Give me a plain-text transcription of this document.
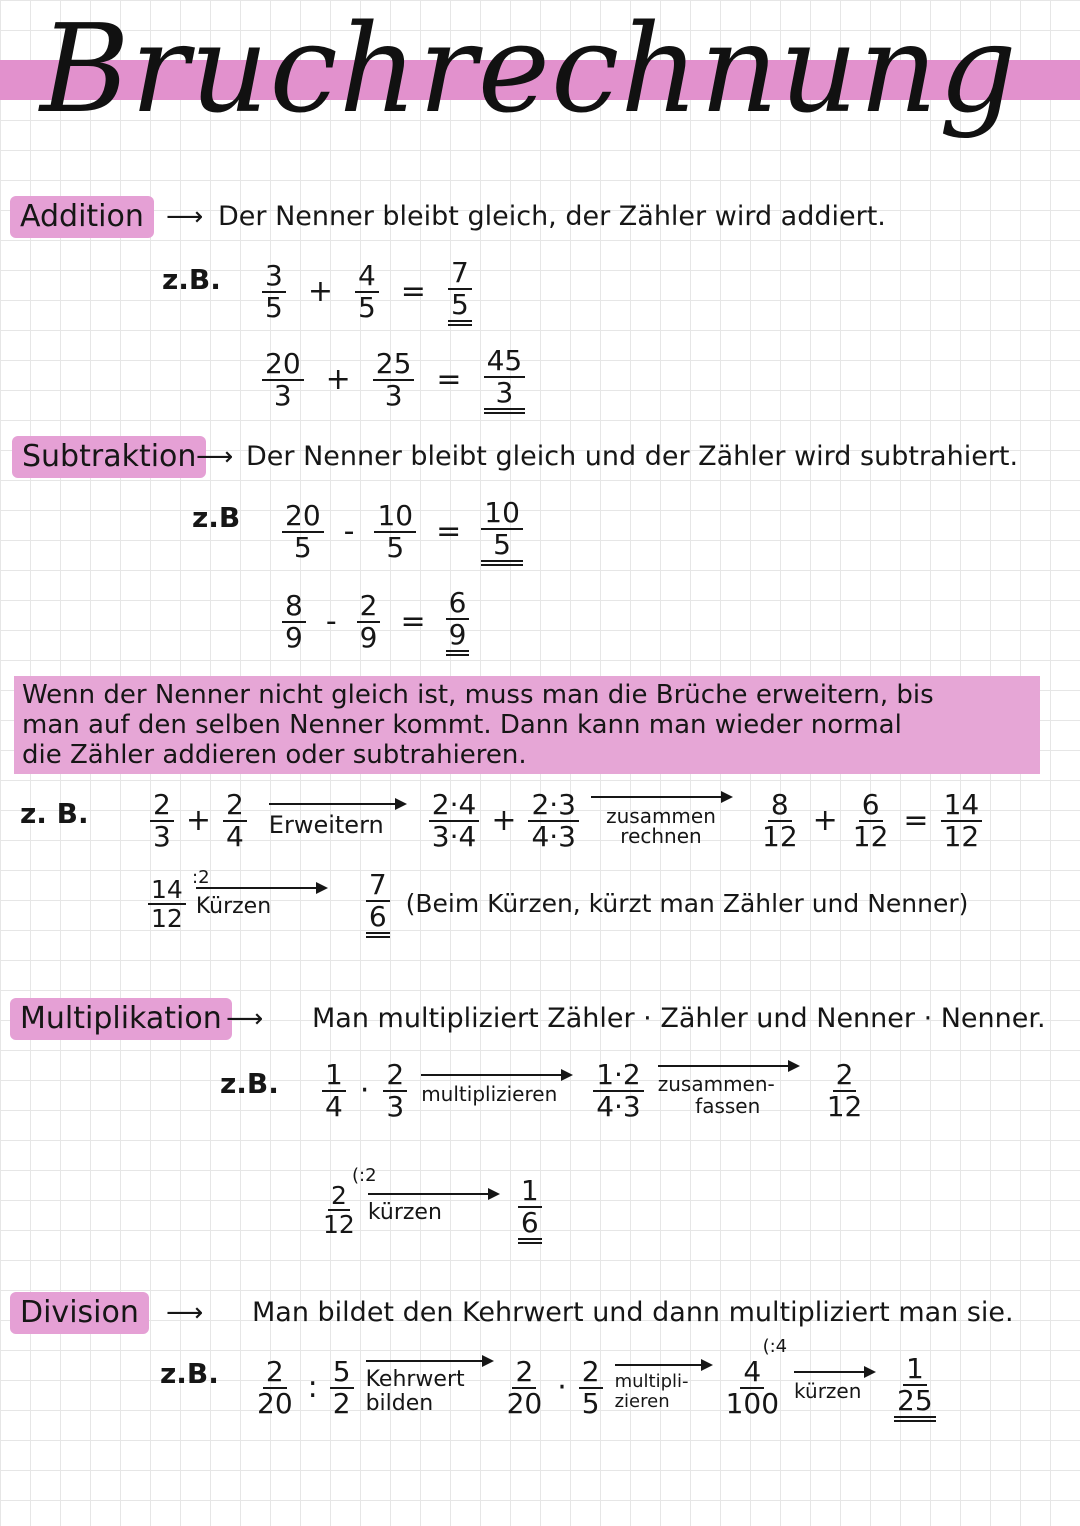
Bruchrechnung
Addition ⟶ Der Nenner bleibt gleich, der Zähler wird addiert.
z.B. $\frac{3}{5} + \frac{4}{5} = \frac{7}{5}$
$\frac{20}{3} + \frac{25}{3} = \frac{45}{3}$
Subtraktion ⟶ Der Nenner bleibt gleich und der Zähler wird subtrahiert.
$z.B \frac{20}{5} - \frac{10}{5} = \frac{10}{5}$
$\frac{8}{9} - \frac{2}{9} = \frac{6}{9}$
Wenn der Nenner nicht gleich ist, muss man die Brüche erweitern, bis
man auf den selben Nenner kommt. Dann kann man wieder normal
die Zähler addieren oder subtrahieren.
z. B. $\frac{2}{3} + \frac{2}{4}$ Erweitern	$\frac{2\cdot 4}{3\cdot 4} + \frac{2\cdot 3}{4\cdot 3}$	zusammen
rechnen	$\frac{8}{12} + \frac{6}{12} = \frac{14}{12}$
:2
$\frac{14}{12}$ Kürzen	$\frac{7}{6}$ (Beim Kürzen, kürzt man Zähler und Nenner)
Multiplikation ⟶ Man multipliziert Zähler · Zähler und Nenner · Nenner.
z.B. $\frac{1}{4} \cdot \frac{2}{3}$ multiplizieren	$\frac{1\cdot 2}{4\cdot 3}$ zusammen-
fassen	$\frac{2}{12}$
(:2
$\frac{2}{12}$ kürzen	$\frac{1}{6}$
Division	⟶ Man bildet den Kehrwert und dann multipliziert man sie.
z.B. $\frac{2}{20}$ : $\frac{5}{2}$ Kehrwert
bilden	$\frac{2}{20} \cdot \frac{2}{5}$ multipli-
zieren
(:4
$\frac{4}{100}$ kürzen	$\frac{1}{25}$
